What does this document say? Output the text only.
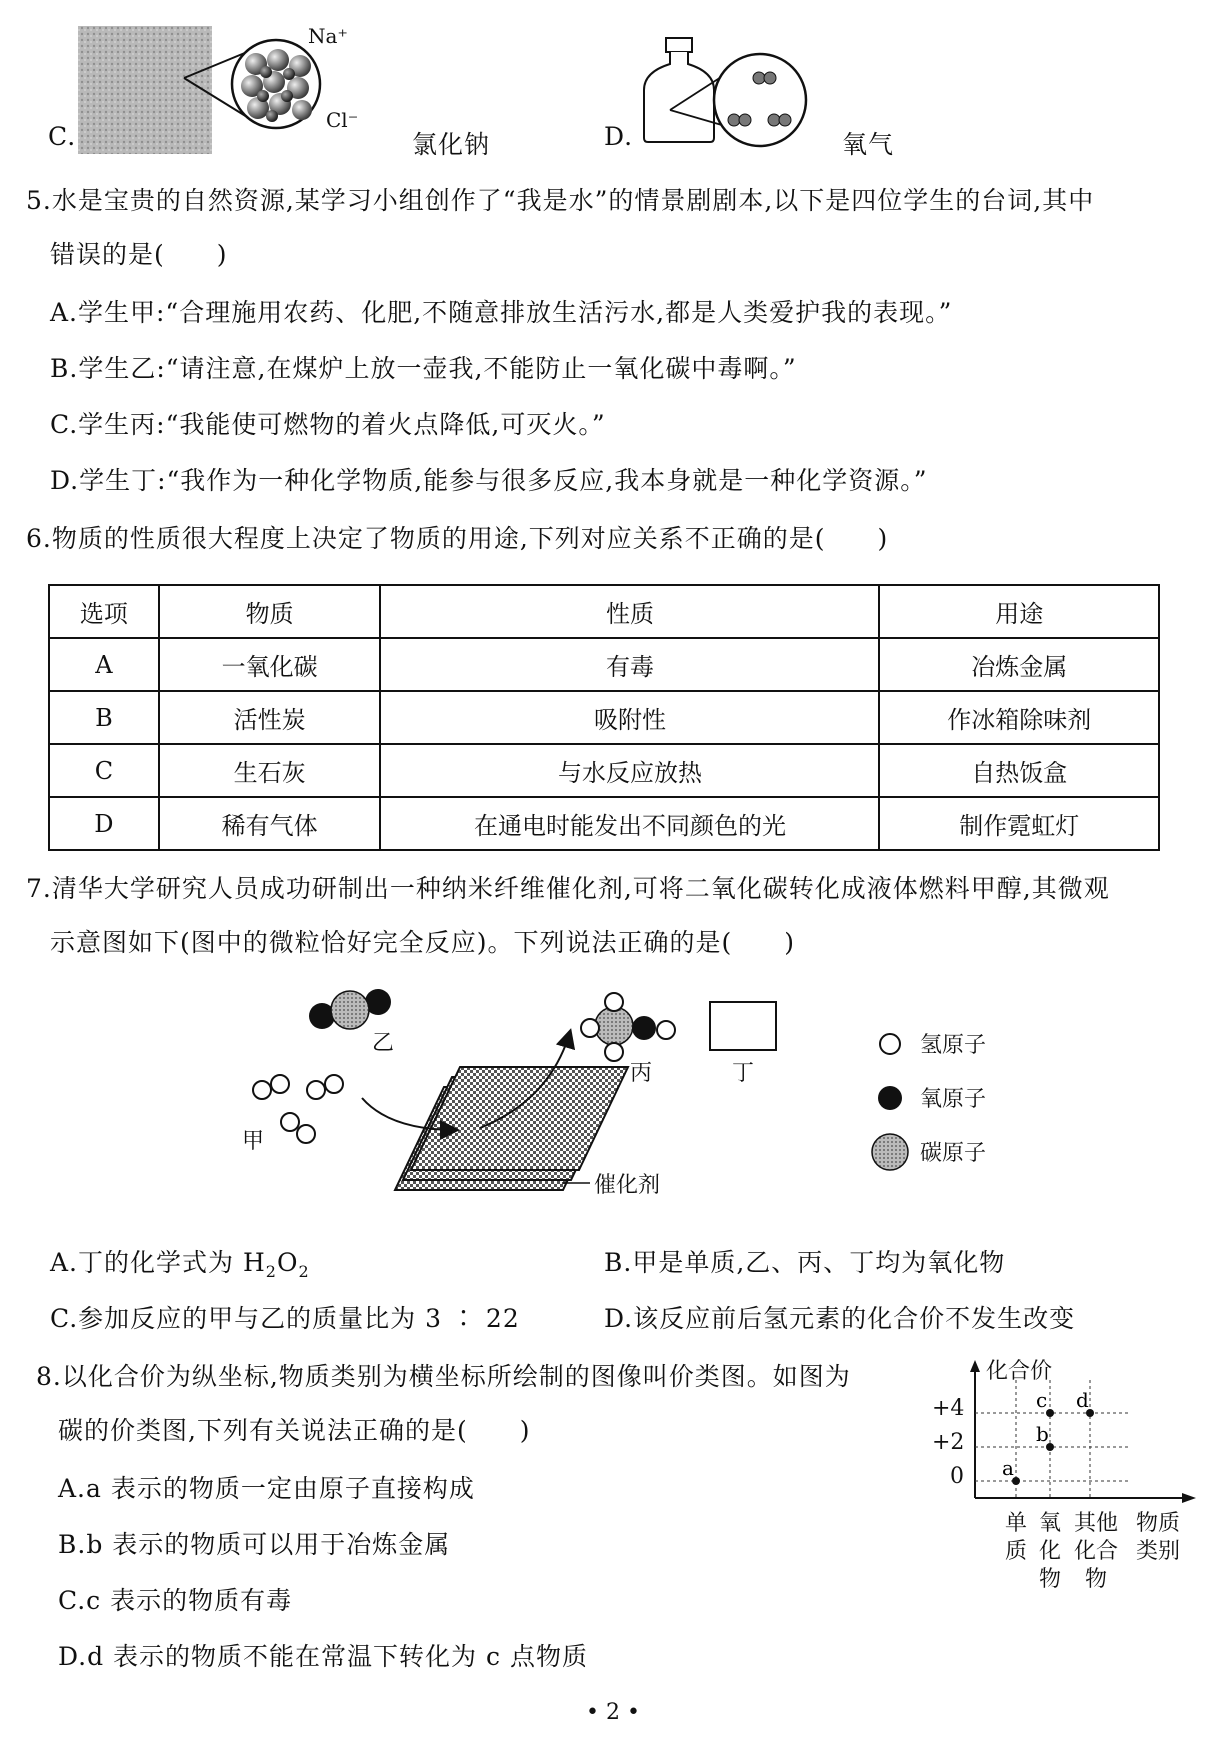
C.
Na⁺
Cl⁻
氯化钠	D.	氧气
5.水是宝贵的自然资源,某学习小组创作了“我是水”的情景剧剧本,以下是四位学生的台词,其中
错误的是(　　)
A.学生甲:“合理施用农药、化肥,不随意排放生活污水,都是人类爱护我的表现。”
B.学生乙:“请注意,在煤炉上放一壶我,不能防止一氧化碳中毒啊。”
C.学生丙:“我能使可燃物的着火点降低,可灭火。”
D.学生丁:“我作为一种化学物质,能参与很多反应,我本身就是一种化学资源。”
6.物质的性质很大程度上决定了物质的用途,下列对应关系不正确的是(　　)
选项	物质	性质	用途
A	一氧化碳	有毒	冶炼金属
B	活性炭	吸附性	作冰箱除味剂
C	生石灰	与水反应放热	自热饭盒
D	稀有气体	在通电时能发出不同颜色的光	制作霓虹灯
7.清华大学研究人员成功研制出一种纳米纤维催化剂,可将二氧化碳转化成液体燃料甲醇,其微观
示意图如下(图中的微粒恰好完全反应)。下列说法正确的是(　　)
乙
甲
丙	丁
催化剂
氢原子
氧原子
碳原子
A.丁的化学式为 $H_2O_2$	B.甲是单质,乙、丙、丁均为氧化物
C.参加反应的甲与乙的质量比为 3 ∶ 22	D.该反应前后氢元素的化合价不发生改变
8.以化合价为纵坐标,物质类别为横坐标所绘制的图像叫价类图。如图为
碳的价类图,下列有关说法正确的是(　　)
A.a 表示的物质一定由原子直接构成
B.b 表示的物质可以用于冶炼金属
C.c 表示的物质有毒
D.d 表示的物质不能在常温下转化为 c 点物质
a
b
c d
化合价
+4
+2
0
单
质
氧
化
物
其他
化合
物
物质
类别
• 2 •
